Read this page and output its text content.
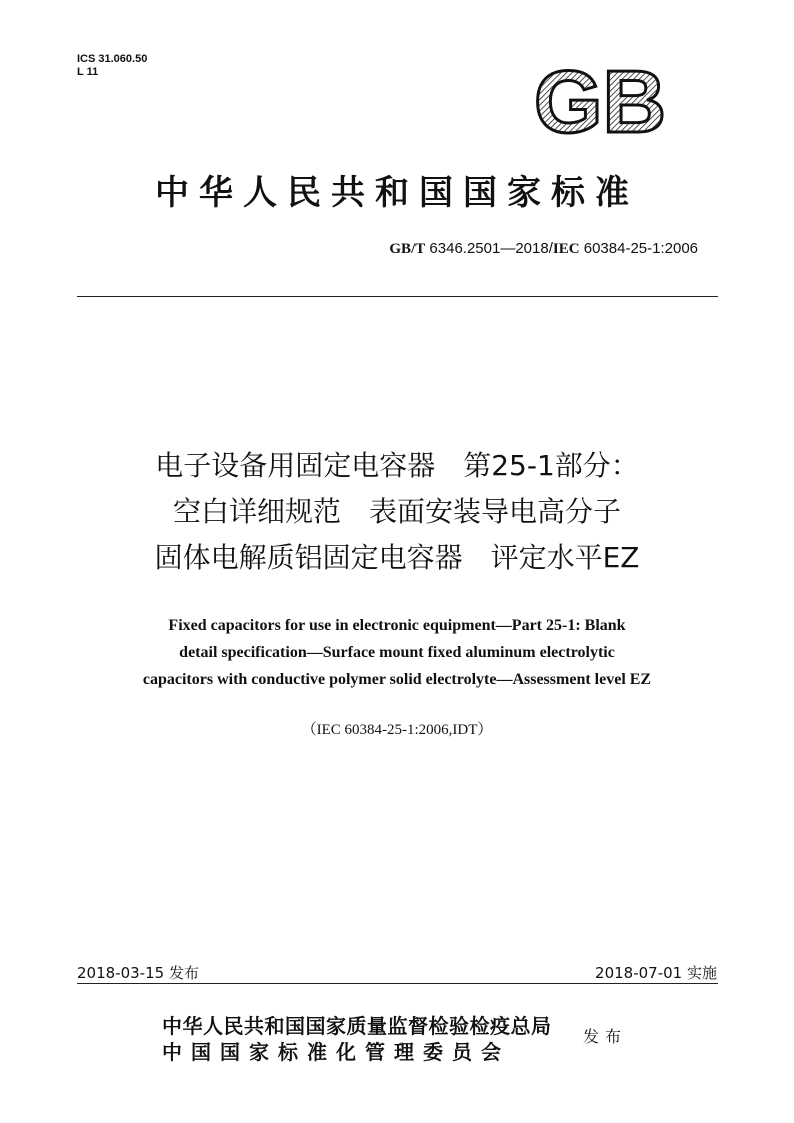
ICS 31.060.50
L 11	GB
中华人民共和国国家标准
GB/T 6346.2501—2018/IEC 60384-25-1:2006
电子设备用固定电容器　第25-1部分：
空白详细规范　表面安装导电高分子
固体电解质铝固定电容器　评定水平EZ
Fixed capacitors for use in electronic equipment—Part 25-1: Blank
detail specification—Surface mount fixed aluminum electrolytic
capacitors with conductive polymer solid electrolyte—Assessment level EZ
（IEC 60384-25-1:2006,IDT）
2018-03-15 发布	2018-07-01 实施
中华人民共和国国家质量监督检验检疫总局
中国国家标准化管理委员会
发布
